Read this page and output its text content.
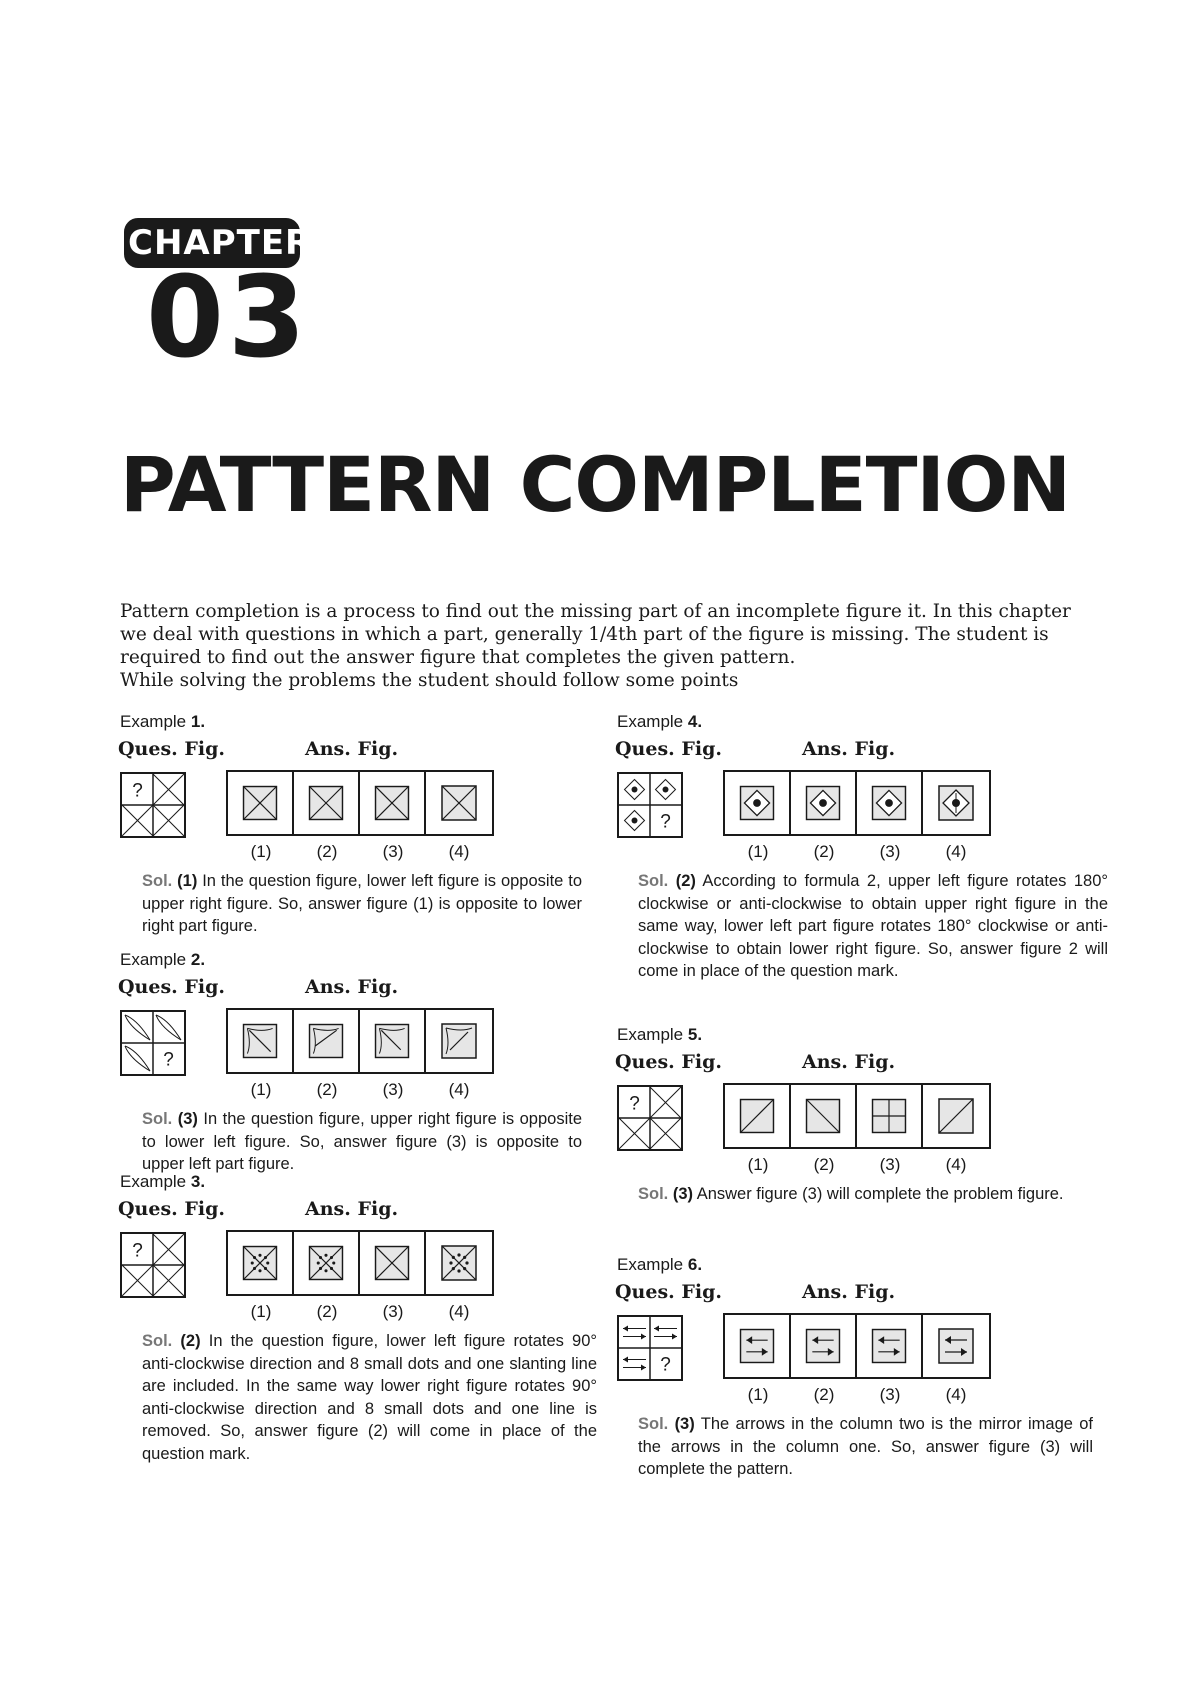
CHAPTER
03
PATTERN COMPLETION

Pattern completion is a process to find out the missing part of an incomplete figure it. In this chapter we deal with questions in which a part, generally 1/4th part of the figure is missing. The student is required to find out the answer figure that completes the given pattern.

While solving the problems the student should follow some points

Example 1.
Ques. Fig.	Ans. Fig.
?
(1)	(2)	(3)	(4)
Sol. (1) In the question figure, lower left figure is opposite to upper right figure. So, answer figure (1) is opposite to lower right part figure.
Example 2.
Ques. Fig.	Ans. Fig.
?
(1)	(2)	(3)	(4)
Sol. (3) In the question figure, upper right figure is opposite to lower left figure. So, answer figure (3) is opposite to upper left part figure.
Example 3.
Ques. Fig.	Ans. Fig.
?
(1)	(2)	(3)	(4)
Sol. (2) In the question figure, lower left figure rotates 90° anti-clockwise direction and 8 small dots and one slanting line are included. In the same way lower right figure rotates 90° anti-clockwise direction and 8 small dots and one line is removed. So, answer figure (2) will come in place of the question mark.
Example 4.
Ques. Fig.	Ans. Fig.
?
(1)	(2)	(3)	(4)
Sol. (2) According to formula 2, upper left figure rotates 180° clockwise or anti-clockwise to obtain upper right figure in the same way, lower left part figure rotates 180° clockwise or anti-clockwise to obtain lower right figure. So, answer figure 2 will come in place of the question mark.
Example 5.
Ques. Fig.	Ans. Fig.
?
(1)	(2)	(3)	(4)
Sol. (3) Answer figure (3) will complete the problem figure.
Example 6.
Ques. Fig.	Ans. Fig.
?
(1)	(2)	(3)	(4)
Sol. (3) The arrows in the column two is the mirror image of the arrows in the column one. So, answer figure (3) will complete the pattern.
